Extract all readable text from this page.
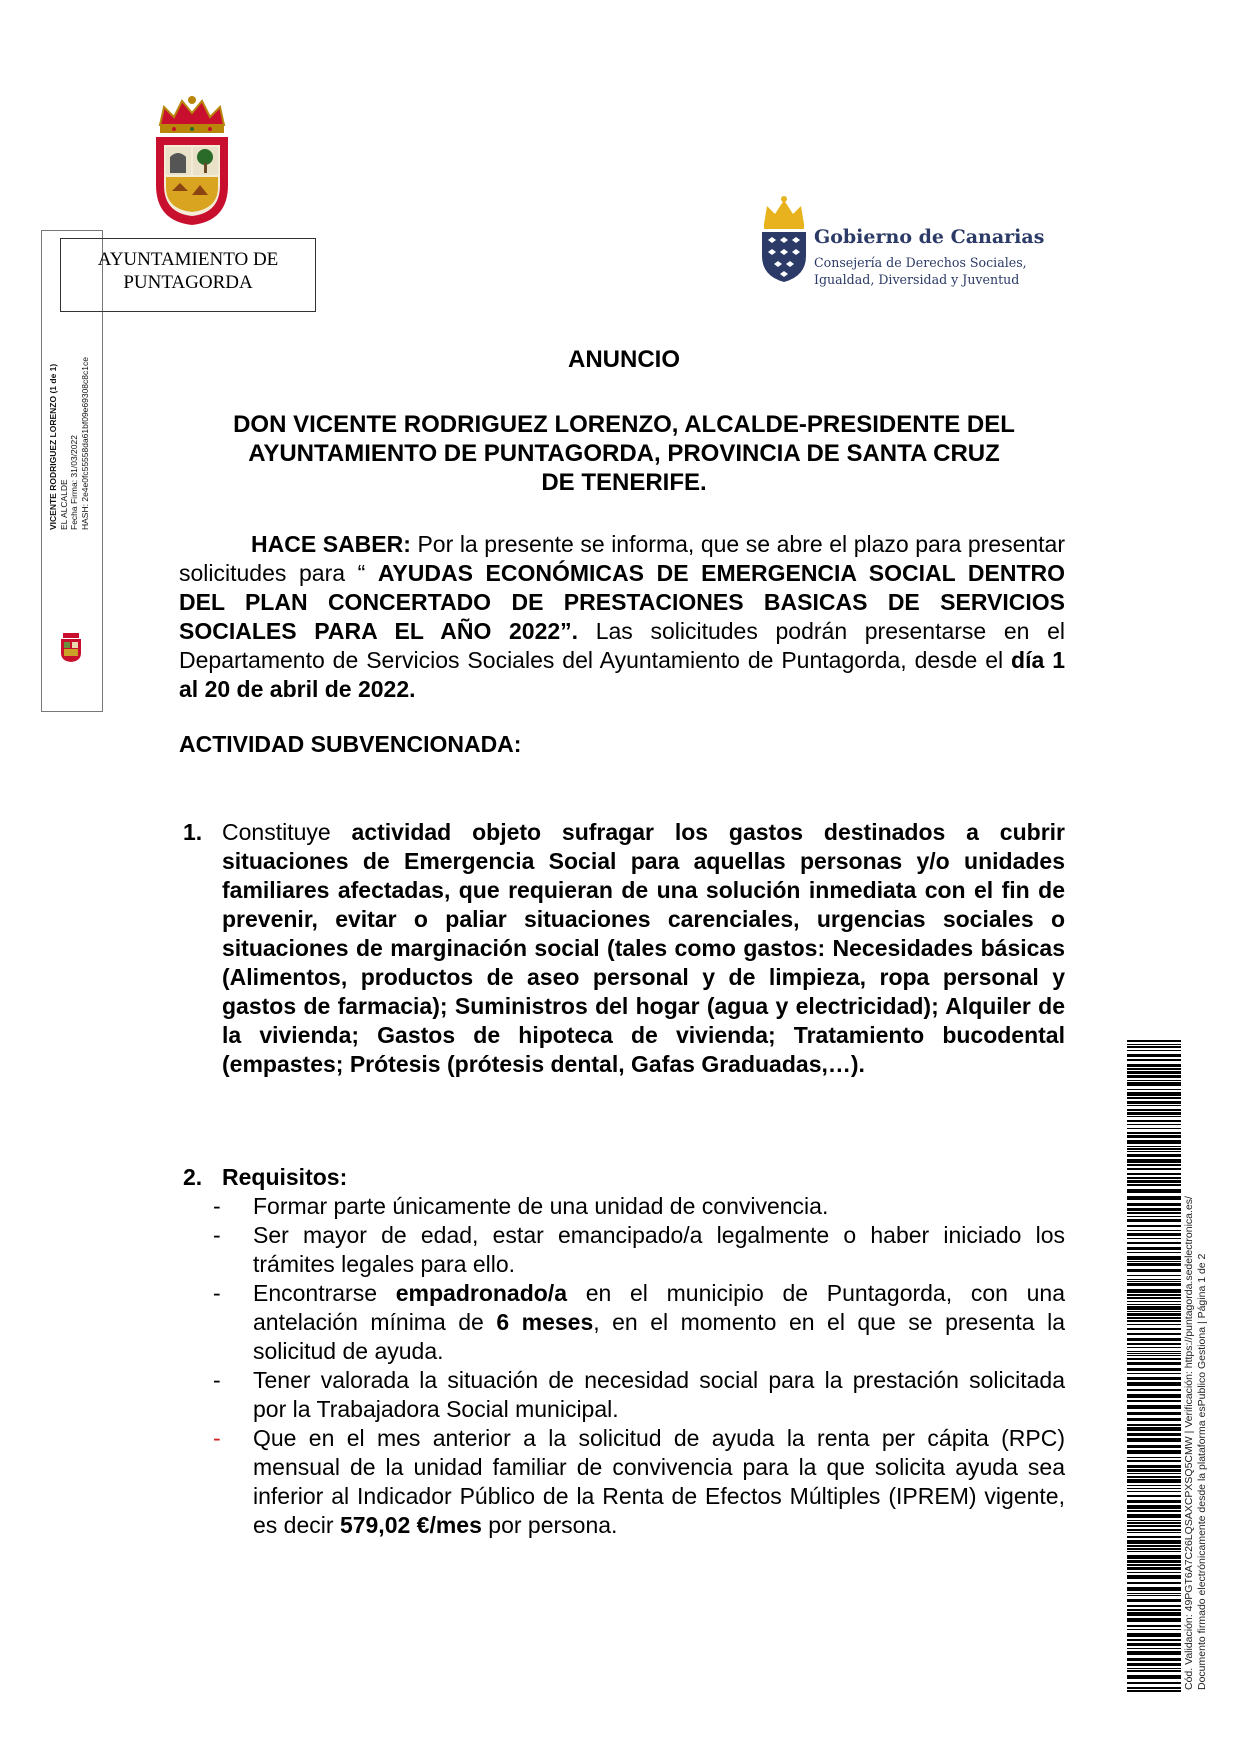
VICENTE RODRIGUEZ LORENZO (1 de 1) EL ALCALDE Fecha Firma: 31/03/2022 HASH: 2e4e0fc55558da61bf09e69308c8c1ce
AYUNTAMIENTO DE
PUNTAGORDA
Gobierno de Canarias
Consejería de Derechos Sociales,
Igualdad, Diversidad y Juventud
ANUNCIO
DON VICENTE RODRIGUEZ LORENZO, ALCALDE-PRESIDENTE DEL
AYUNTAMIENTO DE PUNTAGORDA, PROVINCIA DE SANTA CRUZ
DE TENERIFE.
HACE SABER: Por la presente se informa, que se abre el plazo para presentar solicitudes para “ AYUDAS ECONÓMICAS DE EMERGENCIA SOCIAL DENTRO DEL PLAN CONCERTADO DE PRESTACIONES BASICAS DE SERVICIOS SOCIALES PARA EL AÑO 2022”. Las solicitudes podrán presentarse en el Departamento de Servicios Sociales del Ayuntamiento de Puntagorda, desde el día 1 al 20 de abril de 2022.
ACTIVIDAD SUBVENCIONADA:
1. Constituye actividad objeto sufragar los gastos destinados a cubrir situaciones de Emergencia Social para aquellas personas y/o unidades familiares afectadas, que requieran de una solución inmediata con el fin de prevenir, evitar o paliar situaciones carenciales, urgencias sociales o situaciones de marginación social (tales como gastos: Necesidades básicas (Alimentos, productos de aseo personal y de limpieza, ropa personal y gastos de farmacia); Suministros del hogar (agua y electricidad); Alquiler de la vivienda; Gastos de hipoteca de vivienda; Tratamiento bucodental (empastes; Prótesis (prótesis dental, Gafas Graduadas,…).
2. Requisitos:
- Formar parte únicamente de una unidad de convivencia.
- Ser mayor de edad, estar emancipado/a legalmente o haber iniciado los trámites legales para ello.
- Encontrarse empadronado/a en el municipio de Puntagorda, con una antelación mínima de 6 meses, en el momento en el que se presenta la solicitud de ayuda.
- Tener valorada la situación de necesidad social para la prestación solicitada por la Trabajadora Social municipal.
- Que en el mes anterior a la solicitud de ayuda la renta per cápita (RPC) mensual de la unidad familiar de convivencia para la que solicita ayuda sea inferior al Indicador Público de la Renta de Efectos Múltiples (IPREM) vigente, es decir 579,02 €/mes por persona.	Cód. Validación: 49PGT6A7C26LQSAXCPXSQ5CMW | Verificación: https://puntagorda.sedelectronica.es/ Documento firmado electrónicamente desde la plataforma esPublico Gestiona | Página 1 de 2
